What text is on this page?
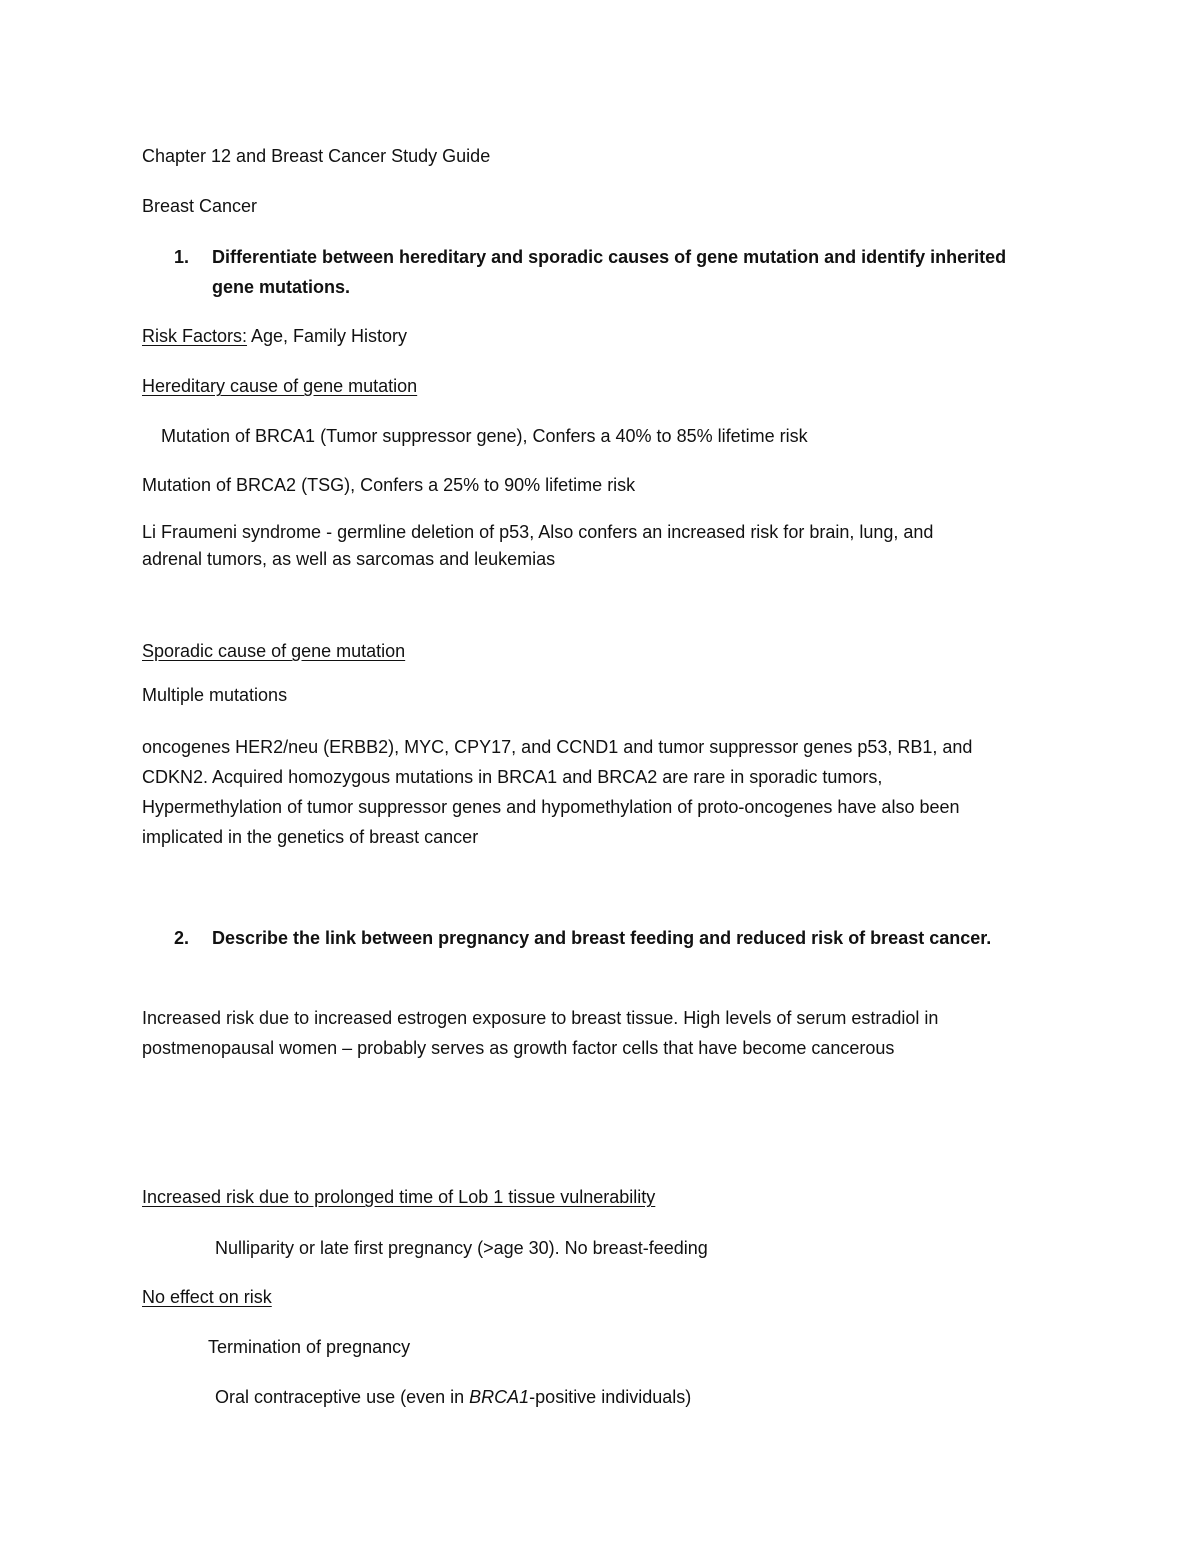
Chapter 12 and Breast Cancer Study Guide
Breast Cancer
1. Differentiate between hereditary and sporadic causes of gene mutation and identify inherited
gene mutations.
Risk Factors: Age, Family History
Hereditary cause of gene mutation
Mutation of BRCA1 (Tumor suppressor gene), Confers a 40% to 85% lifetime risk
Mutation of BRCA2 (TSG), Confers a 25% to 90% lifetime risk
Li Fraumeni syndrome - germline deletion of p53, Also confers an increased risk for brain, lung, and
adrenal tumors, as well as sarcomas and leukemias
Sporadic cause of gene mutation
Multiple mutations
oncogenes HER2/neu (ERBB2), MYC, CPY17, and CCND1 and tumor suppressor genes p53, RB1, and
CDKN2. Acquired homozygous mutations in BRCA1 and BRCA2 are rare in sporadic tumors,
Hypermethylation of tumor suppressor genes and hypomethylation of proto-oncogenes have also been
implicated in the genetics of breast cancer
2. Describe the link between pregnancy and breast feeding and reduced risk of breast cancer.
Increased risk due to increased estrogen exposure to breast tissue. High levels of serum estradiol in
postmenopausal women – probably serves as growth factor cells that have become cancerous
Increased risk due to prolonged time of Lob 1 tissue vulnerability
Nulliparity or late first pregnancy (>age 30). No breast-feeding
No effect on risk
Termination of pregnancy
Oral contraceptive use (even in BRCA1-positive individuals)
